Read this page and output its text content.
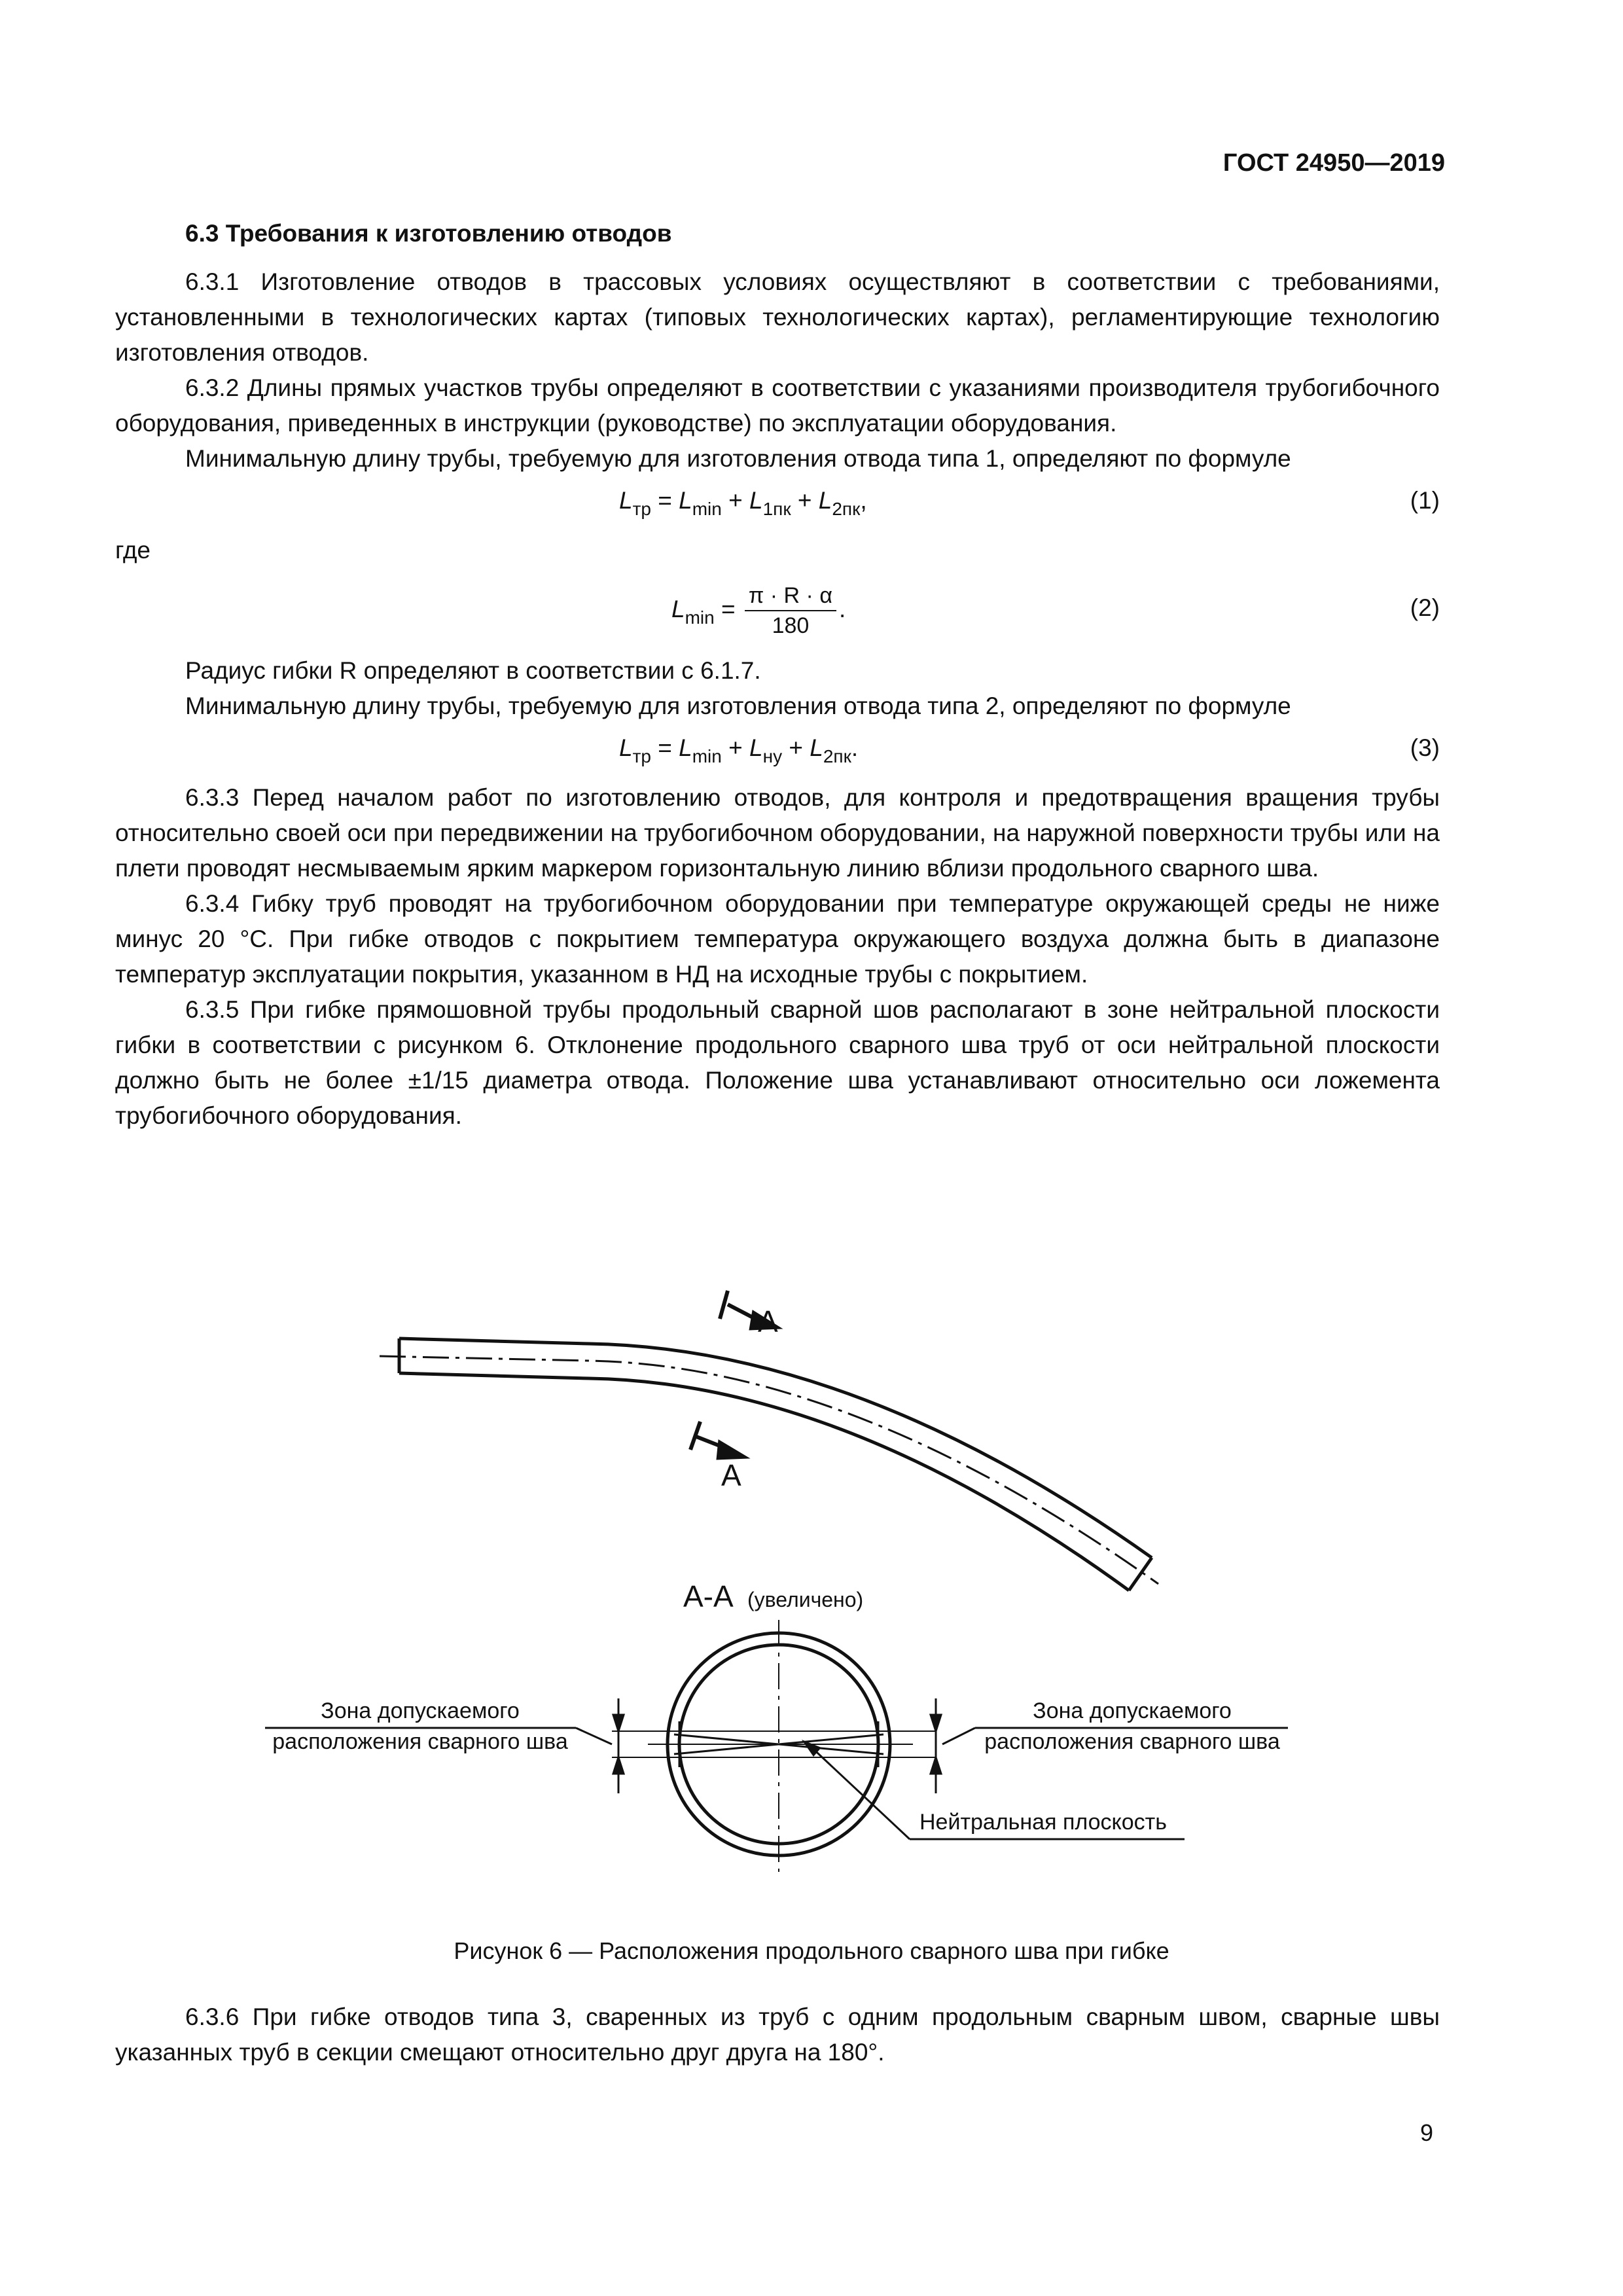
ГОСТ 24950—2019

6.3 Требования к изготовлению отводов

6.3.1 Изготовление отводов в трассовых условиях осуществляют в соответствии с требованиями, установленными в технологических картах (типовых технологических картах), регламентирующие технологию изготовления отводов.

6.3.2 Длины прямых участков трубы определяют в соответствии с указаниями производителя трубогибочного оборудования, приведенных в инструкции (руководстве) по эксплуатации оборудования.

Минимальную длину трубы, требуемую для изготовления отвода типа 1, определяют по формуле

$L_{тр} = L_{min} + L_{1пк} + L_{2пк}$,	(1)

где

$L_{min} = \frac{\pi \cdot R \cdot \alpha}{180}$ .	(2)

Радиус гибки R определяют в соответствии с 6.1.7.

Минимальную длину трубы, требуемую для изготовления отвода типа 2, определяют по формуле

$L_{тр} = L_{min} + L_{ну} + L_{2пк}$.	(3)

6.3.3 Перед началом работ по изготовлению отводов, для контроля и предотвращения вращения трубы относительно своей оси при передвижении на трубогибочном оборудовании, на наружной поверхности трубы или на плети проводят несмываемым ярким маркером горизонтальную линию вблизи продольного сварного шва.

6.3.4 Гибку труб проводят на трубогибочном оборудовании при температуре окружающей среды не ниже минус 20 °С. При гибке отводов с покрытием температура окружающего воздуха должна быть в диапазоне температур эксплуатации покрытия, указанном в НД на исходные трубы с покрытием.

6.3.5 При гибке прямошовной трубы продольный сварной шов располагают в зоне нейтральной плоскости гибки в соответствии с рисунком 6. Отклонение продольного сварного шва труб от оси нейтральной плоскости должно быть не более ±1/15 диаметра отвода. Положение шва устанавливают относительно оси ложемента трубогибочного оборудования.

А
А
А-А (увеличено)
Зона допускаемого
расположения сварного шва
Зона допускаемого
расположения сварного шва
Нейтральная плоскость
Рисунок 6 — Расположения продольного сварного шва при гибке

6.3.6 При гибке отводов типа 3, сваренных из труб с одним продольным сварным швом, сварные швы указанных труб в секции смещают относительно друг друга на 180°.

9
